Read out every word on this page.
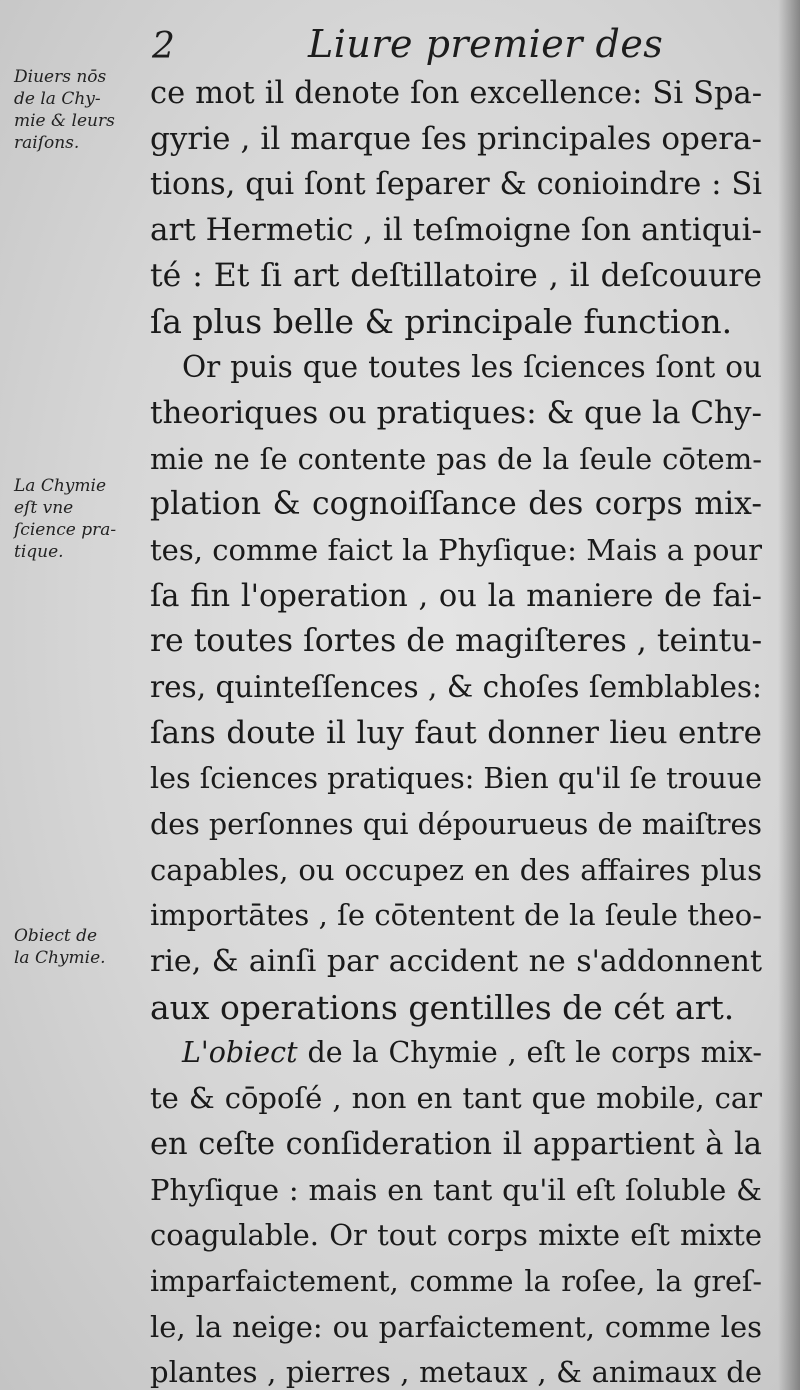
2	Liure premier des
Diuers nōs
de la Chy-
mie & leurs
raiſons.
La Chymie
eſt vne
ſcience pra-
tique.
Obiect de
la Chymie.
ce mot il denote ſon excellence: Si Spa-
gyrie , il marque ſes principales opera-
tions, qui ſont ſeparer & conioindre : Si
art Hermetic , il teſmoigne ſon antiqui-
té : Et ſi art deſtillatoire , il deſcouure
ſa plus belle & principale function.
Or puis que toutes les ſciences ſont ou
theoriques ou pratiques: & que la Chy-
mie ne ſe contente pas de la ſeule cōtem-
plation & cognoiſſance des corps mix-
tes, comme faict la Phyſique: Mais a pour
ſa fin l'operation , ou la maniere de fai-
re toutes ſortes de magiſteres , teintu-
res, quinteſſences , & choſes ſemblables:
ſans doute il luy faut donner lieu entre
les ſciences pratiques: Bien qu'il ſe trouue
des perſonnes qui dépourueus de maiſtres
capables, ou occupez en des affaires plus
importātes , ſe cōtentent de la ſeule theo-
rie, & ainſi par accident ne s'addonnent
aux operations gentilles de cét art.
L'obiect de la Chymie , eſt le corps mix-
te & cōpoſé , non en tant que mobile, car
en ceſte conſideration il appartient à la
Phyſique : mais en tant qu'il eſt ſoluble &
coagulable. Or tout corps mixte eſt mixte
imparfaictement, comme la roſee, la greſ-
le, la neige: ou parfaictement, comme les
plantes , pierres , metaux , & animaux de
